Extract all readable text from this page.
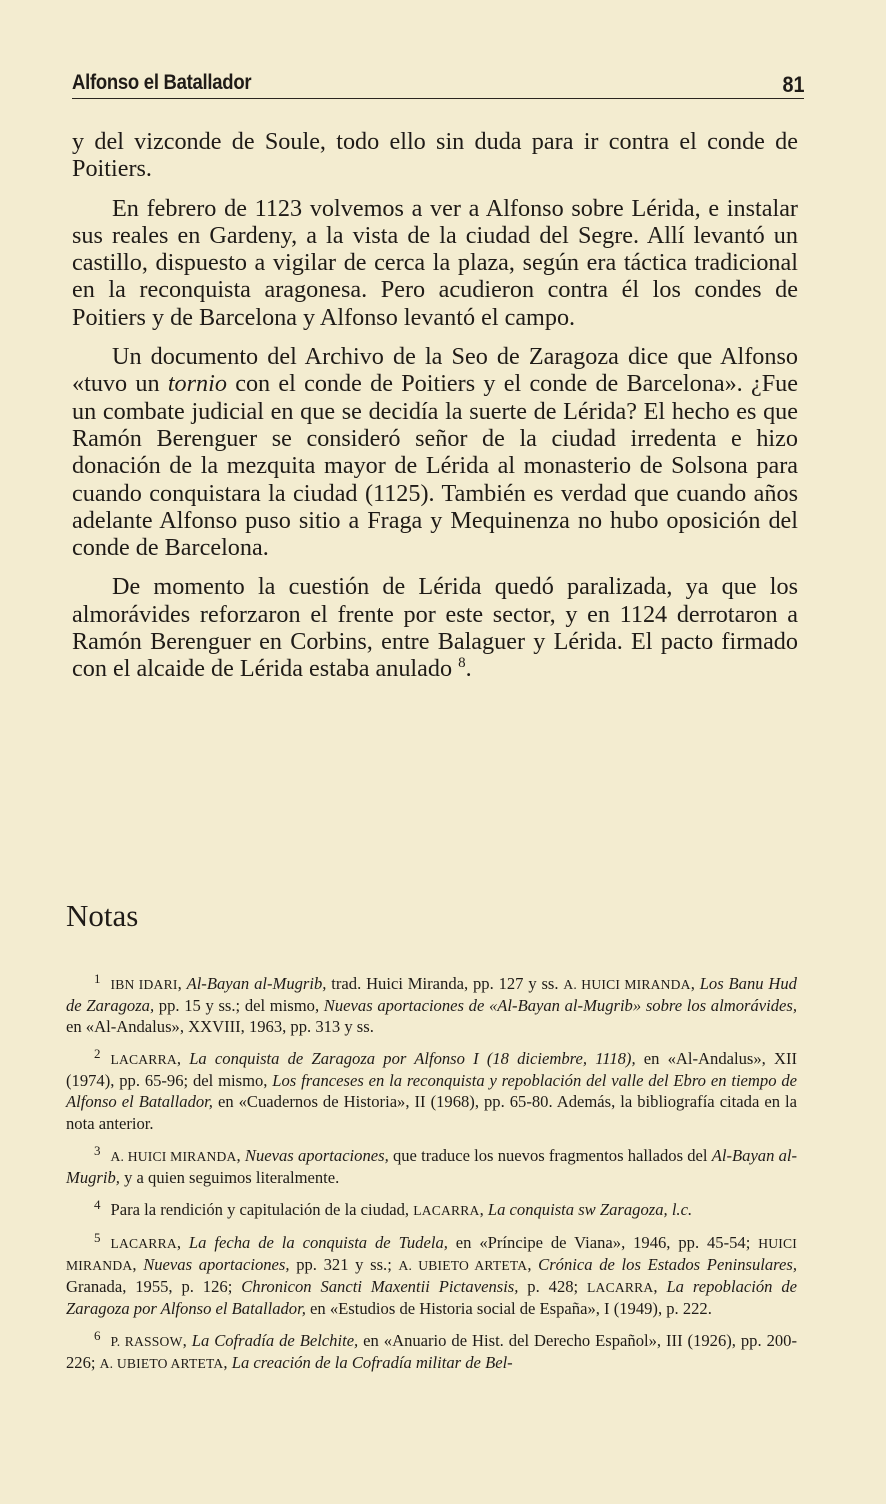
Alfonso el Batallador	81

y del vizconde de Soule, todo ello sin duda para ir contra el conde de Poitiers.

En febrero de 1123 volvemos a ver a Alfonso sobre Lérida, e instalar sus reales en Gardeny, a la vista de la ciudad del Segre. Allí levantó un castillo, dispuesto a vigilar de cerca la plaza, según era táctica tradicional en la reconquista aragonesa. Pero acudieron contra él los condes de Poitiers y de Barcelona y Alfonso levantó el campo.

Un documento del Archivo de la Seo de Zaragoza dice que Alfonso «tuvo un tornio con el conde de Poitiers y el conde de Barcelona». ¿Fue un combate judicial en que se decidía la suerte de Lérida? El hecho es que Ramón Berenguer se consideró señor de la ciudad irredenta e hizo donación de la mezquita mayor de Lérida al monasterio de Solsona para cuando conquistara la ciudad (1125). También es verdad que cuando años adelante Alfonso puso sitio a Fraga y Mequinenza no hubo oposición del conde de Barcelona.

De momento la cuestión de Lérida quedó paralizada, ya que los almorávides reforzaron el frente por este sector, y en 1124 derrotaron a Ramón Berenguer en Corbins, entre Balaguer y Lérida. El pacto firmado con el alcaide de Lérida estaba anulado $^8$.

Notas

$^1$ IBN IDARI, Al-Bayan al-Mugrib, trad. Huici Miranda, pp. 127 y ss. A. HUICI MIRANDA, Los Banu Hud de Zaragoza, pp. 15 y ss.; del mismo, Nuevas aportaciones de «Al-Bayan al-Mugrib» sobre los almorávides, en «Al-Andalus», XXVIII, 1963, pp. 313 y ss.

$^2$ LACARRA, La conquista de Zaragoza por Alfonso I (18 diciembre, 1118), en «Al-Andalus», XII (1974), pp. 65-96; del mismo, Los franceses en la reconquista y repoblación del valle del Ebro en tiempo de Alfonso el Batallador, en «Cuadernos de Historia», II (1968), pp. 65-80. Además, la bibliografía citada en la nota anterior.

$^3$ A. HUICI MIRANDA, Nuevas aportaciones, que traduce los nuevos fragmentos hallados del Al-Bayan al-Mugrib, y a quien seguimos literalmente.

$^4$ Para la rendición y capitulación de la ciudad, LACARRA, La conquista sw Zaragoza, l.c.

$^5$ LACARRA, La fecha de la conquista de Tudela, en «Príncipe de Viana», 1946, pp. 45-54; HUICI MIRANDA, Nuevas aportaciones, pp. 321 y ss.; A. UBIETO ARTETA, Crónica de los Estados Peninsulares, Granada, 1955, p. 126; Chronicon Sancti Maxentii Pictavensis, p. 428; LACARRA, La repoblación de Zaragoza por Alfonso el Batallador, en «Estudios de Historia social de España», I (1949), p. 222.

$^6$ P. RASSOW, La Cofradía de Belchite, en «Anuario de Hist. del Derecho Español», III (1926), pp. 200-226; A. UBIETO ARTETA, La creación de la Cofradía militar de Bel-
